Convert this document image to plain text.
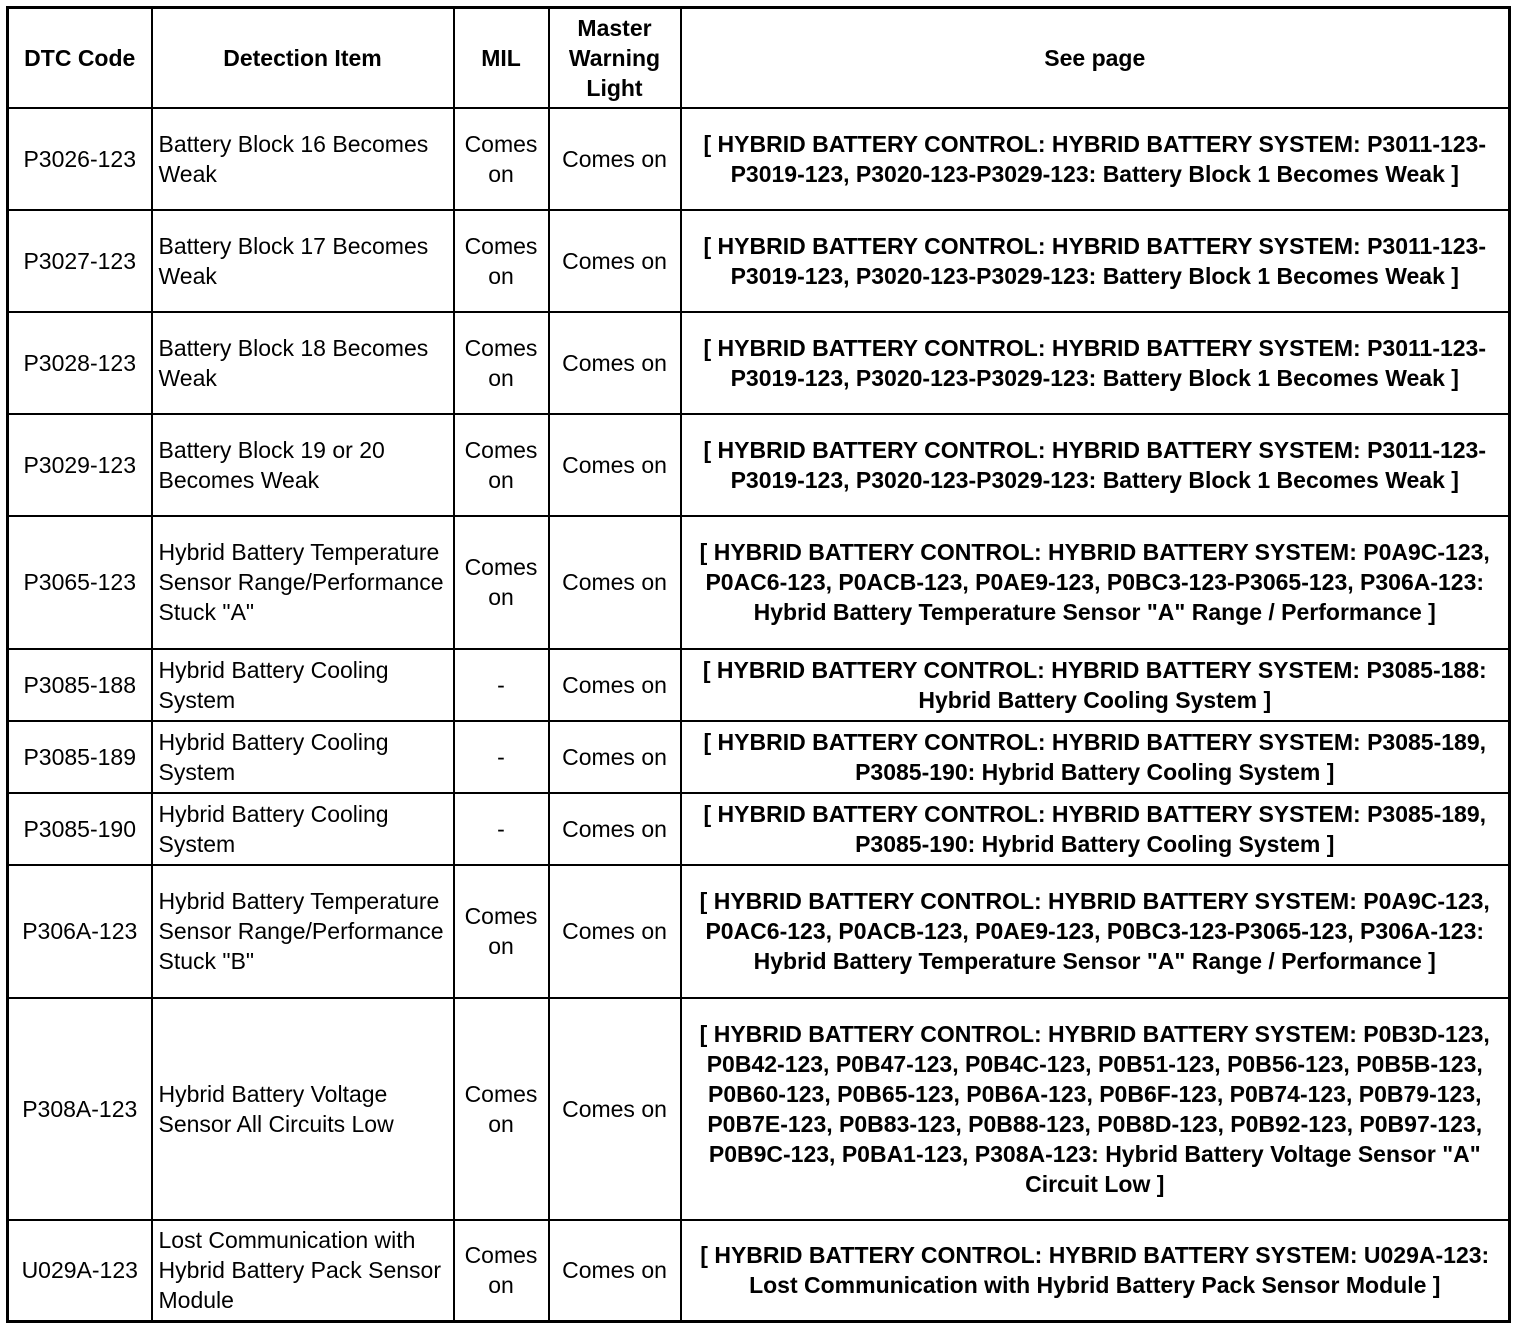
DTC Code	Detection Item	MIL	Master Warning Light	See page
P3026-123	Battery Block 16 Becomes Weak	Comes on	Comes on	[ HYBRID BATTERY CONTROL: HYBRID BATTERY SYSTEM: P3011-123-P3019-123, P3020-123-P3029-123: Battery Block 1 Becomes Weak ]
P3027-123	Battery Block 17 Becomes Weak	Comes on	Comes on	[ HYBRID BATTERY CONTROL: HYBRID BATTERY SYSTEM: P3011-123-P3019-123, P3020-123-P3029-123: Battery Block 1 Becomes Weak ]
P3028-123	Battery Block 18 Becomes Weak	Comes on	Comes on	[ HYBRID BATTERY CONTROL: HYBRID BATTERY SYSTEM: P3011-123-P3019-123, P3020-123-P3029-123: Battery Block 1 Becomes Weak ]
P3029-123	Battery Block 19 or 20 Becomes Weak	Comes on	Comes on	[ HYBRID BATTERY CONTROL: HYBRID BATTERY SYSTEM: P3011-123-P3019-123, P3020-123-P3029-123: Battery Block 1 Becomes Weak ]
P3065-123	Hybrid Battery Temperature Sensor Range/Performance Stuck "A"	Comes on	Comes on	[ HYBRID BATTERY CONTROL: HYBRID BATTERY SYSTEM: P0A9C-123, P0AC6-123, P0ACB-123, P0AE9-123, P0BC3-123-P3065-123, P306A-123: Hybrid Battery Temperature Sensor "A" Range / Performance ]
P3085-188	Hybrid Battery Cooling System	-	Comes on	[ HYBRID BATTERY CONTROL: HYBRID BATTERY SYSTEM: P3085-188: Hybrid Battery Cooling System ]
P3085-189	Hybrid Battery Cooling System	-	Comes on	[ HYBRID BATTERY CONTROL: HYBRID BATTERY SYSTEM: P3085-189, P3085-190: Hybrid Battery Cooling System ]
P3085-190	Hybrid Battery Cooling System	-	Comes on	[ HYBRID BATTERY CONTROL: HYBRID BATTERY SYSTEM: P3085-189, P3085-190: Hybrid Battery Cooling System ]
P306A-123	Hybrid Battery Temperature Sensor Range/Performance Stuck "B"	Comes on	Comes on	[ HYBRID BATTERY CONTROL: HYBRID BATTERY SYSTEM: P0A9C-123, P0AC6-123, P0ACB-123, P0AE9-123, P0BC3-123-P3065-123, P306A-123: Hybrid Battery Temperature Sensor "A" Range / Performance ]
P308A-123	Hybrid Battery Voltage Sensor All Circuits Low	Comes on	Comes on	[ HYBRID BATTERY CONTROL: HYBRID BATTERY SYSTEM: P0B3D-123, P0B42-123, P0B47-123, P0B4C-123, P0B51-123, P0B56-123, P0B5B-123, P0B60-123, P0B65-123, P0B6A-123, P0B6F-123, P0B74-123, P0B79-123, P0B7E-123, P0B83-123, P0B88-123, P0B8D-123, P0B92-123, P0B97-123, P0B9C-123, P0BA1-123, P308A-123: Hybrid Battery Voltage Sensor "A" Circuit Low ]
U029A-123	Lost Communication with Hybrid Battery Pack Sensor Module	Comes on	Comes on	[ HYBRID BATTERY CONTROL: HYBRID BATTERY SYSTEM: U029A-123: Lost Communication with Hybrid Battery Pack Sensor Module ]
